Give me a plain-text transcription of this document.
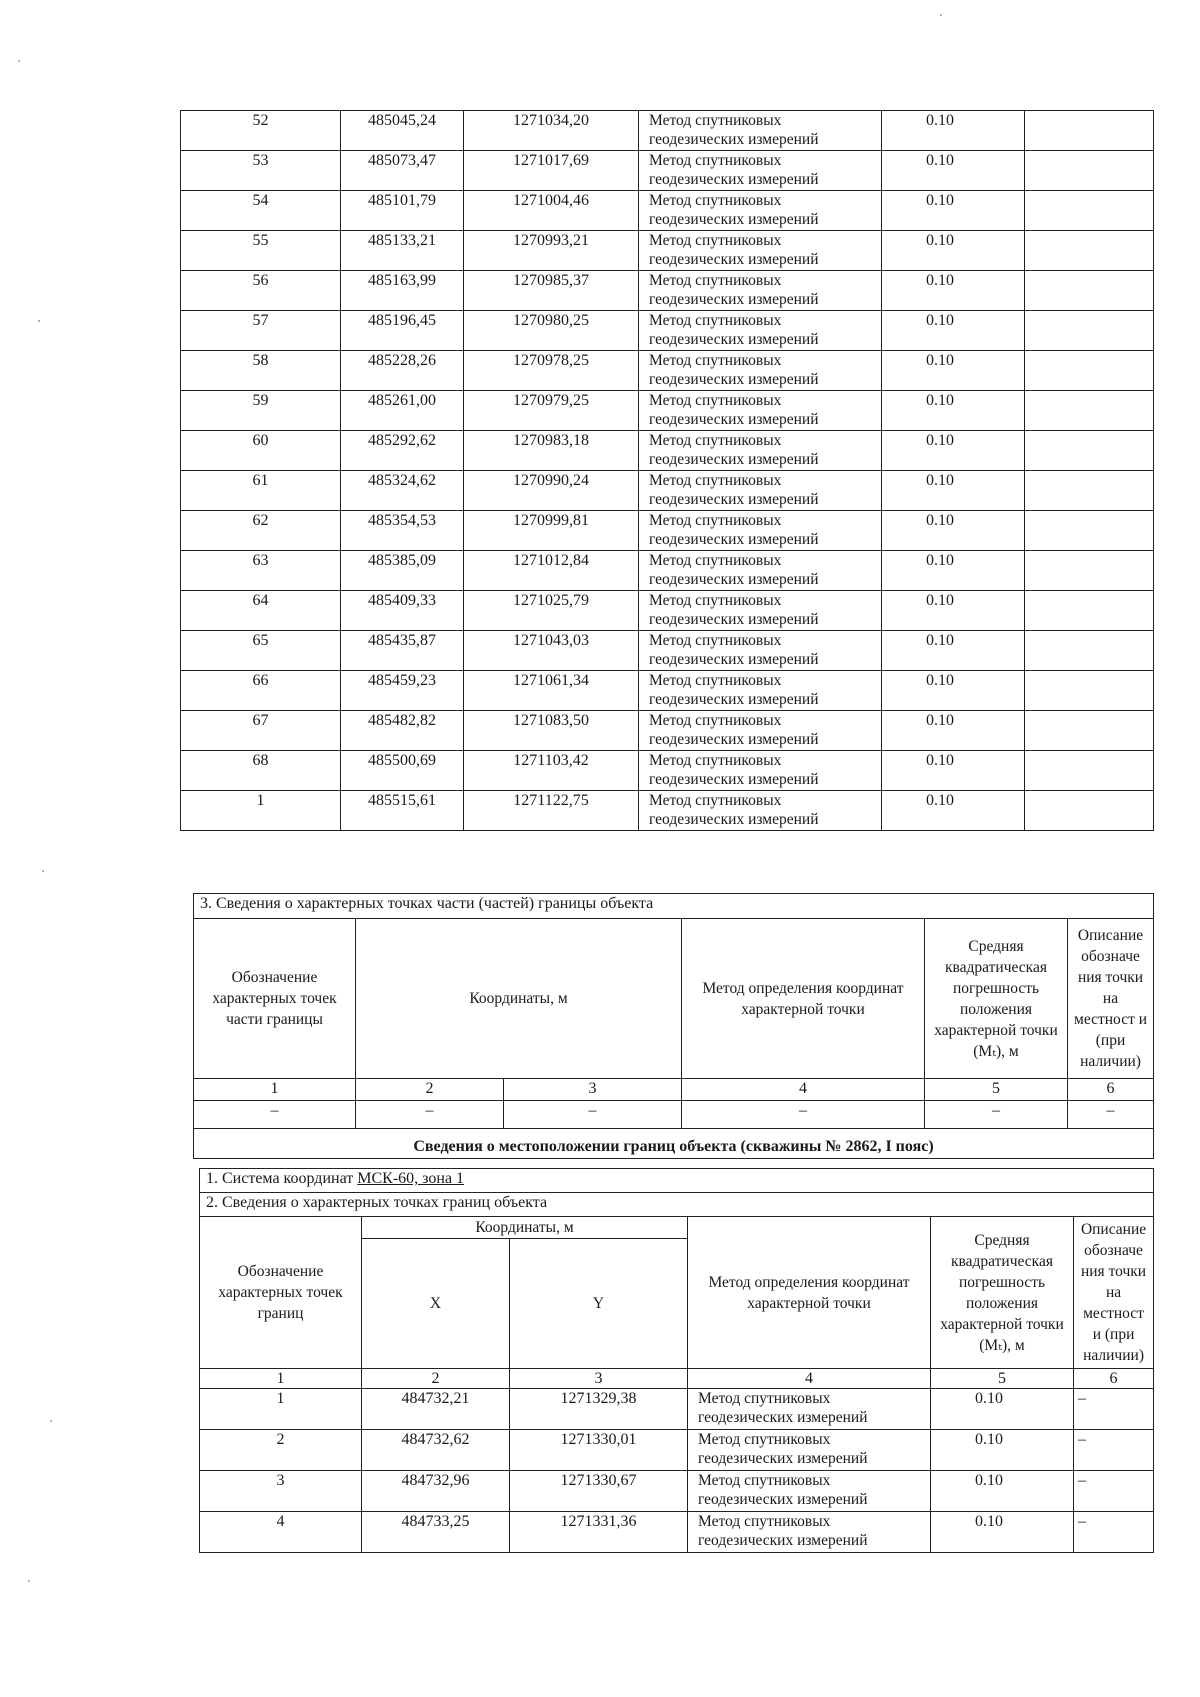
52	485045,24	1271034,20	Метод спутниковых геодезических измерений	0.10	
53	485073,47	1271017,69	Метод спутниковых геодезических измерений	0.10	
54	485101,79	1271004,46	Метод спутниковых геодезических измерений	0.10	
55	485133,21	1270993,21	Метод спутниковых геодезических измерений	0.10	
56	485163,99	1270985,37	Метод спутниковых геодезических измерений	0.10	
57	485196,45	1270980,25	Метод спутниковых геодезических измерений	0.10	
58	485228,26	1270978,25	Метод спутниковых геодезических измерений	0.10	
59	485261,00	1270979,25	Метод спутниковых геодезических измерений	0.10	
60	485292,62	1270983,18	Метод спутниковых геодезических измерений	0.10	
61	485324,62	1270990,24	Метод спутниковых геодезических измерений	0.10	
62	485354,53	1270999,81	Метод спутниковых геодезических измерений	0.10	
63	485385,09	1271012,84	Метод спутниковых геодезических измерений	0.10	
64	485409,33	1271025,79	Метод спутниковых геодезических измерений	0.10	
65	485435,87	1271043,03	Метод спутниковых геодезических измерений	0.10	
66	485459,23	1271061,34	Метод спутниковых геодезических измерений	0.10	
67	485482,82	1271083,50	Метод спутниковых геодезических измерений	0.10	
68	485500,69	1271103,42	Метод спутниковых геодезических измерений	0.10	
1	485515,61	1271122,75	Метод спутниковых геодезических измерений	0.10	
3. Сведения о характерных точках части (частей) границы объекта					
Обозначение характерных точек части границы	Координаты, м		Метод определения координат характерной точки	Средняя квадратическая погрешность положения характерной точки (Mₜ), м	Описание обозначе ния точки на местност и (при наличии)
1	2	3	4	5	6
–	–	–	–	–	–
Сведения о местоположении границ объекта (скважины № 2862, I пояс)					
1. Система координат МСК-60, зона 1					
2. Сведения о характерных точках границ объекта					
Обозначение характерных точек границ	Координаты, м		Метод определения координат характерной точки	Средняя квадратическая погрешность положения характерной точки (Mₜ), м	Описание обозначе ния точки на местност и (при наличии)
	X	Y			
1	2	3	4	5	6
1	484732,21	1271329,38	Метод спутниковых геодезических измерений	0.10	–
2	484732,62	1271330,01	Метод спутниковых геодезических измерений	0.10	–
3	484732,96	1271330,67	Метод спутниковых геодезических измерений	0.10	–
4	484733,25	1271331,36	Метод спутниковых геодезических измерений	0.10	–
